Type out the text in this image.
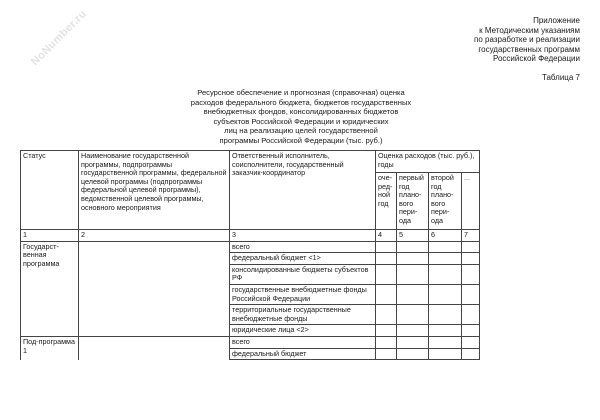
NoNumber.ru	Приложение
к Методическим указаниям
по разработке и реализации
государственных программ
Российской Федерации
Таблица 7
Ресурсное обеспечение и прогнозная (справочная) оценка
расходов федерального бюджета, бюджетов государственных
внебюджетных фондов, консолидированных бюджетов
субъектов Российской Федерации и юридических
лиц на реализацию целей государственной
программы Российской Федерации (тыс. руб.)
Статус	Наименование государственной программы, подпрограммы государственной программы, федеральной целевой программы (подпрограммы федеральной целевой программы), ведомственной целевой программы, основного мероприятия	Ответственный исполнитель, соисполнители, государственный заказчик-координатор	Оценка расходов (тыс. руб.), годы			
			оче-ред-ной год	первый год плано-вого пери-ода	второй год плано-вого пери-ода	...
1	2	3	4	5	6	7
Государст-венная программа		всего				
		федеральный бюджет <1>				
		консолидированные бюджеты субъектов РФ				
		государственные внебюджетные фонды Российской Федерации				
		территориальные государственные внебюджетные фонды				
		юридические лица <2>				
Под-программа 1		всего				
		федеральный бюджет				
